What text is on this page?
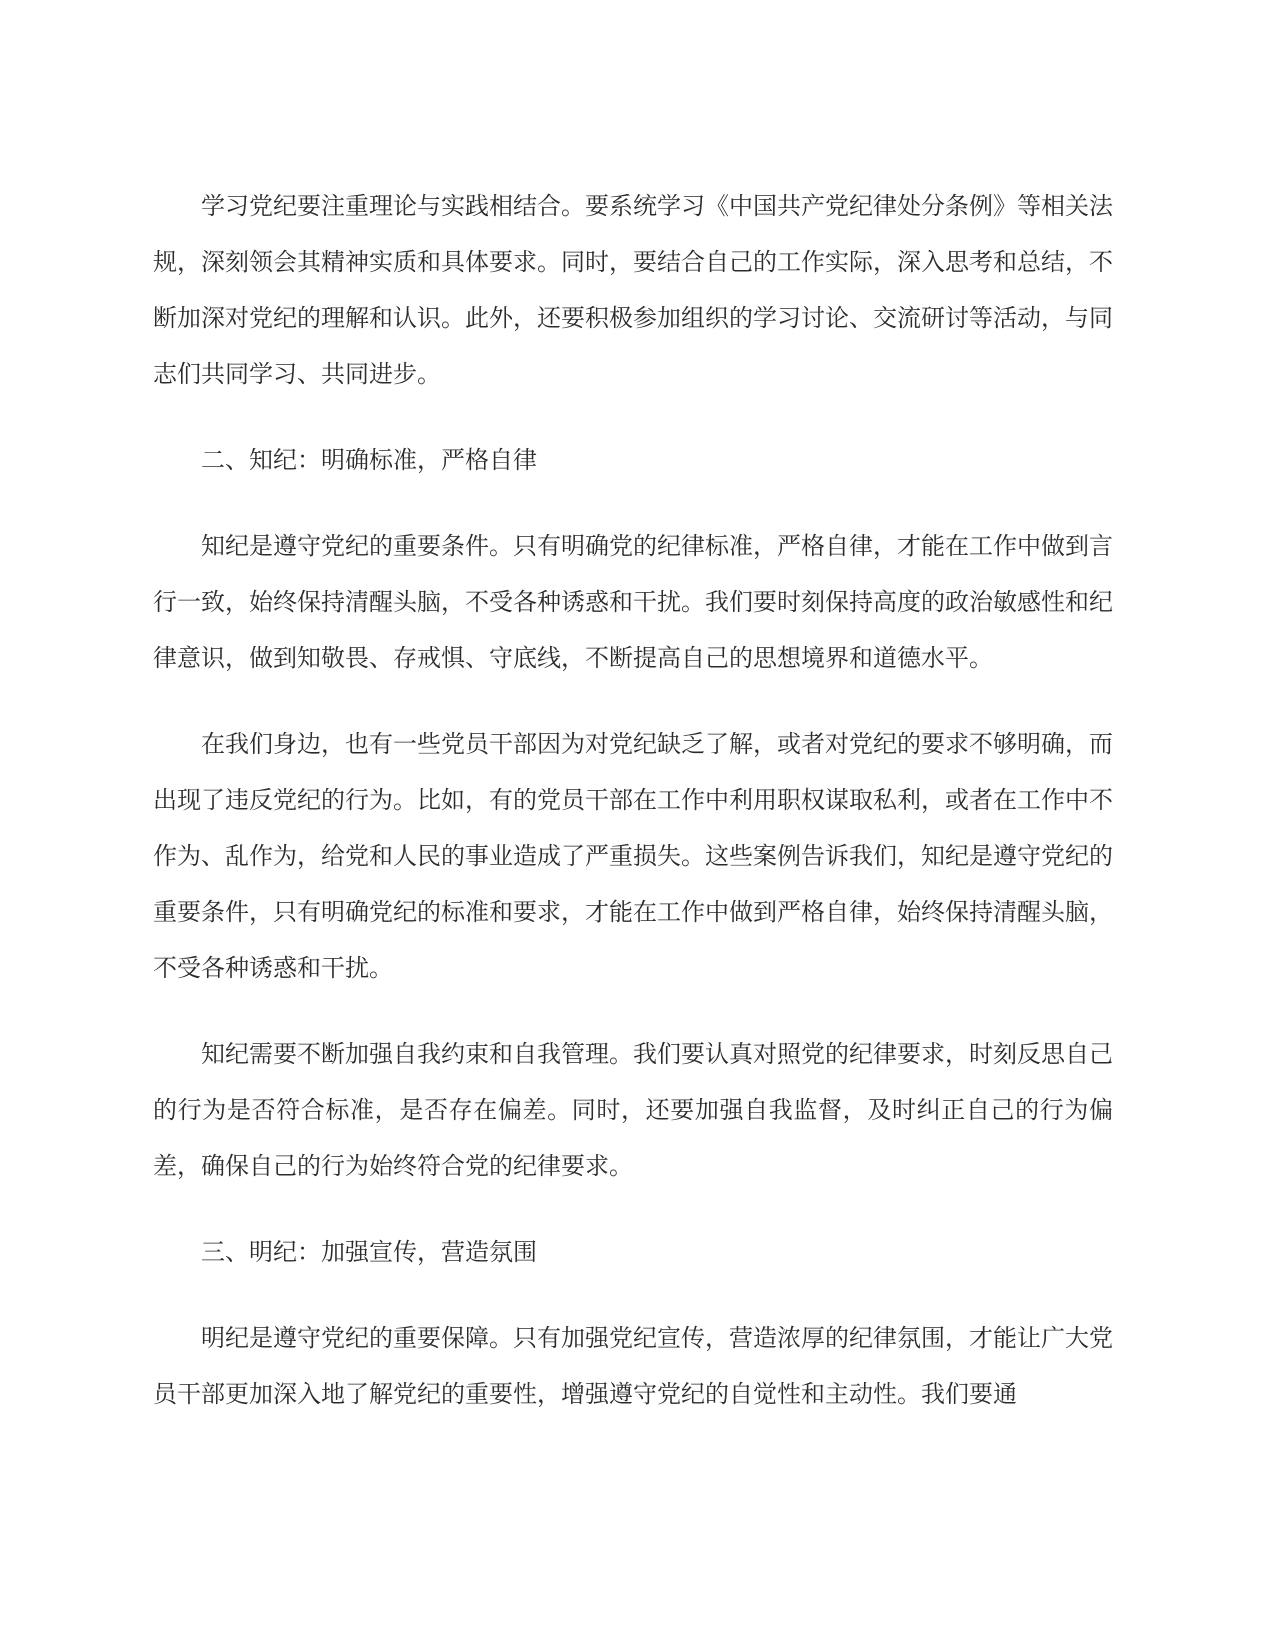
学习党纪要注重理论与实践相结合。要系统学习《中国共产党纪律处分条例》等相关法规，深刻领会其精神实质和具体要求。同时，要结合自己的工作实际，深入思考和总结，不断加深对党纪的理解和认识。此外，还要积极参加组织的学习讨论、交流研讨等活动，与同志们共同学习、共同进步。

二、知纪：明确标准，严格自律

知纪是遵守党纪的重要条件。只有明确党的纪律标准，严格自律，才能在工作中做到言行一致，始终保持清醒头脑，不受各种诱惑和干扰。我们要时刻保持高度的政治敏感性和纪律意识，做到知敬畏、存戒惧、守底线，不断提高自己的思想境界和道德水平。

在我们身边，也有一些党员干部因为对党纪缺乏了解，或者对党纪的要求不够明确，而出现了违反党纪的行为。比如，有的党员干部在工作中利用职权谋取私利，或者在工作中不作为、乱作为，给党和人民的事业造成了严重损失。这些案例告诉我们，知纪是遵守党纪的重要条件，只有明确党纪的标准和要求，才能在工作中做到严格自律，始终保持清醒头脑，不受各种诱惑和干扰。

知纪需要不断加强自我约束和自我管理。我们要认真对照党的纪律要求，时刻反思自己的行为是否符合标准，是否存在偏差。同时，还要加强自我监督，及时纠正自己的行为偏差，确保自己的行为始终符合党的纪律要求。

三、明纪：加强宣传，营造氛围

明纪是遵守党纪的重要保障。只有加强党纪宣传，营造浓厚的纪律氛围，才能让广大党员干部更加深入地了解党纪的重要性，增强遵守党纪的自觉性和主动性。我们要通
